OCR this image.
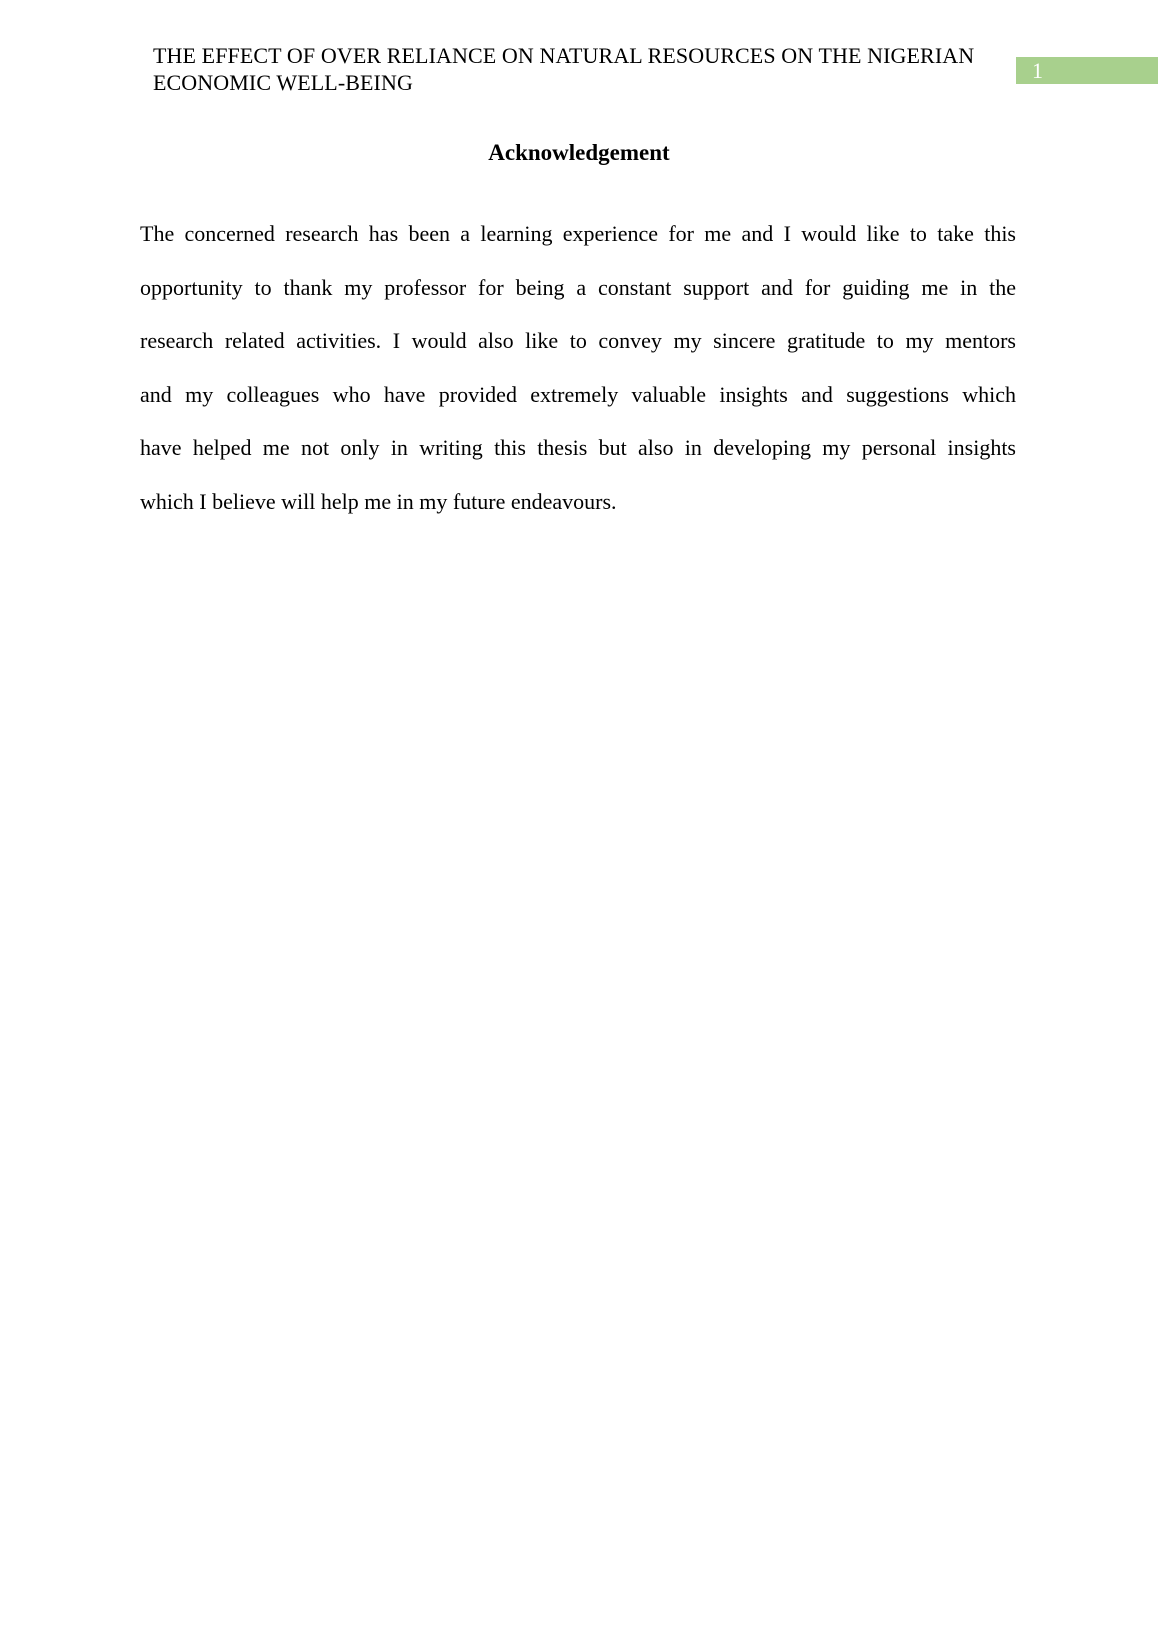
THE EFFECT OF OVER RELIANCE ON NATURAL RESOURCES ON THE NIGERIAN
ECONOMIC WELL-BEING	1
Acknowledgement
The concerned research has been a learning experience for me and I would like to take this
opportunity to thank my professor for being a constant support and for guiding me in the
research related activities. I would also like to convey my sincere gratitude to my mentors
and my colleagues who have provided extremely valuable insights and suggestions which
have helped me not only in writing this thesis but also in developing my personal insights
which I believe will help me in my future endeavours.
